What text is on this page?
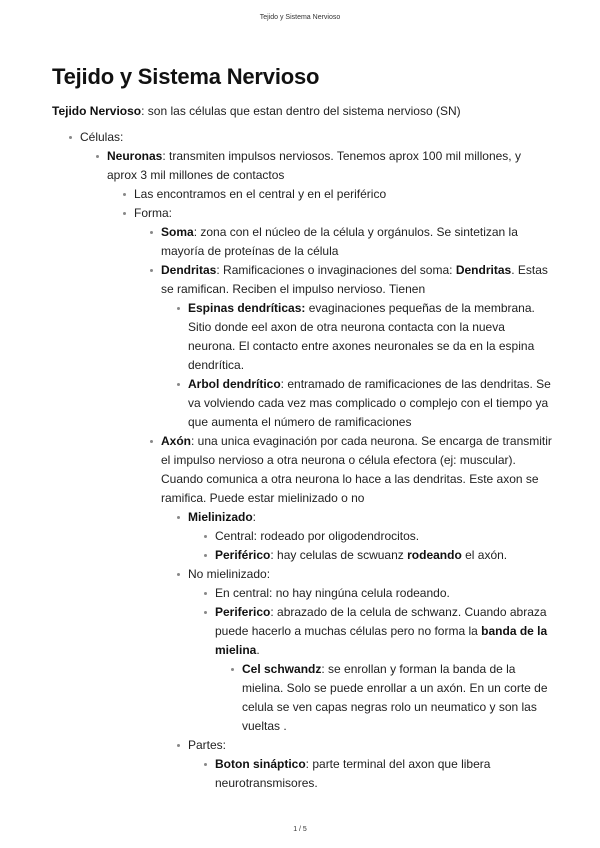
Tejido y Sistema Nervioso
Tejido y Sistema Nervioso
Tejido Nervioso: son las células que estan dentro del sistema nervioso (SN)
Células:
Neuronas: transmiten impulsos nerviosos. Tenemos aprox 100 mil millones, y aprox 3 mil millones de contactos
Las encontramos en el central y en el periférico
Forma:
Soma: zona con el núcleo de la célula y orgánulos. Se sintetizan la mayoría de proteínas de la célula
Dendritas: Ramificaciones o invaginaciones del soma: Dendritas. Estas se ramifican. Reciben el impulso nervioso. Tienen
Espinas dendríticas: evaginaciones pequeñas de la membrana. Sitio donde eel axon de otra neurona contacta con la nueva neurona. El contacto entre axones neuronales se da en la espina dendrítica.
Arbol dendrítico: entramado de ramificaciones de las dendritas. Se va volviendo cada vez mas complicado o complejo con el tiempo ya que aumenta el número de ramificaciones
Axón: una unica evaginación por cada neurona. Se encarga de transmitir el impulso nervioso a otra neurona o célula efectora (ej: muscular). Cuando comunica a otra neurona lo hace a las dendritas. Este axon se ramifica. Puede estar mielinizado o no
Mielinizado:
Central: rodeado por oligodendrocitos.
Periférico: hay celulas de scwuanz rodeando el axón.
No mielinizado:
En central: no hay ningúna celula rodeando.
Periferico: abrazado de la celula de schwanz. Cuando abraza puede hacerlo a muchas células pero no forma la banda de la mielina.
Cel schwandz: se enrollan y forman la banda de la mielina. Solo se puede enrollar a un axón. En un corte de celula se ven capas negras rolo un neumatico y son las vueltas .
Partes:
Boton sináptico: parte terminal del axon que libera neurotransmisores.
1 / 5
